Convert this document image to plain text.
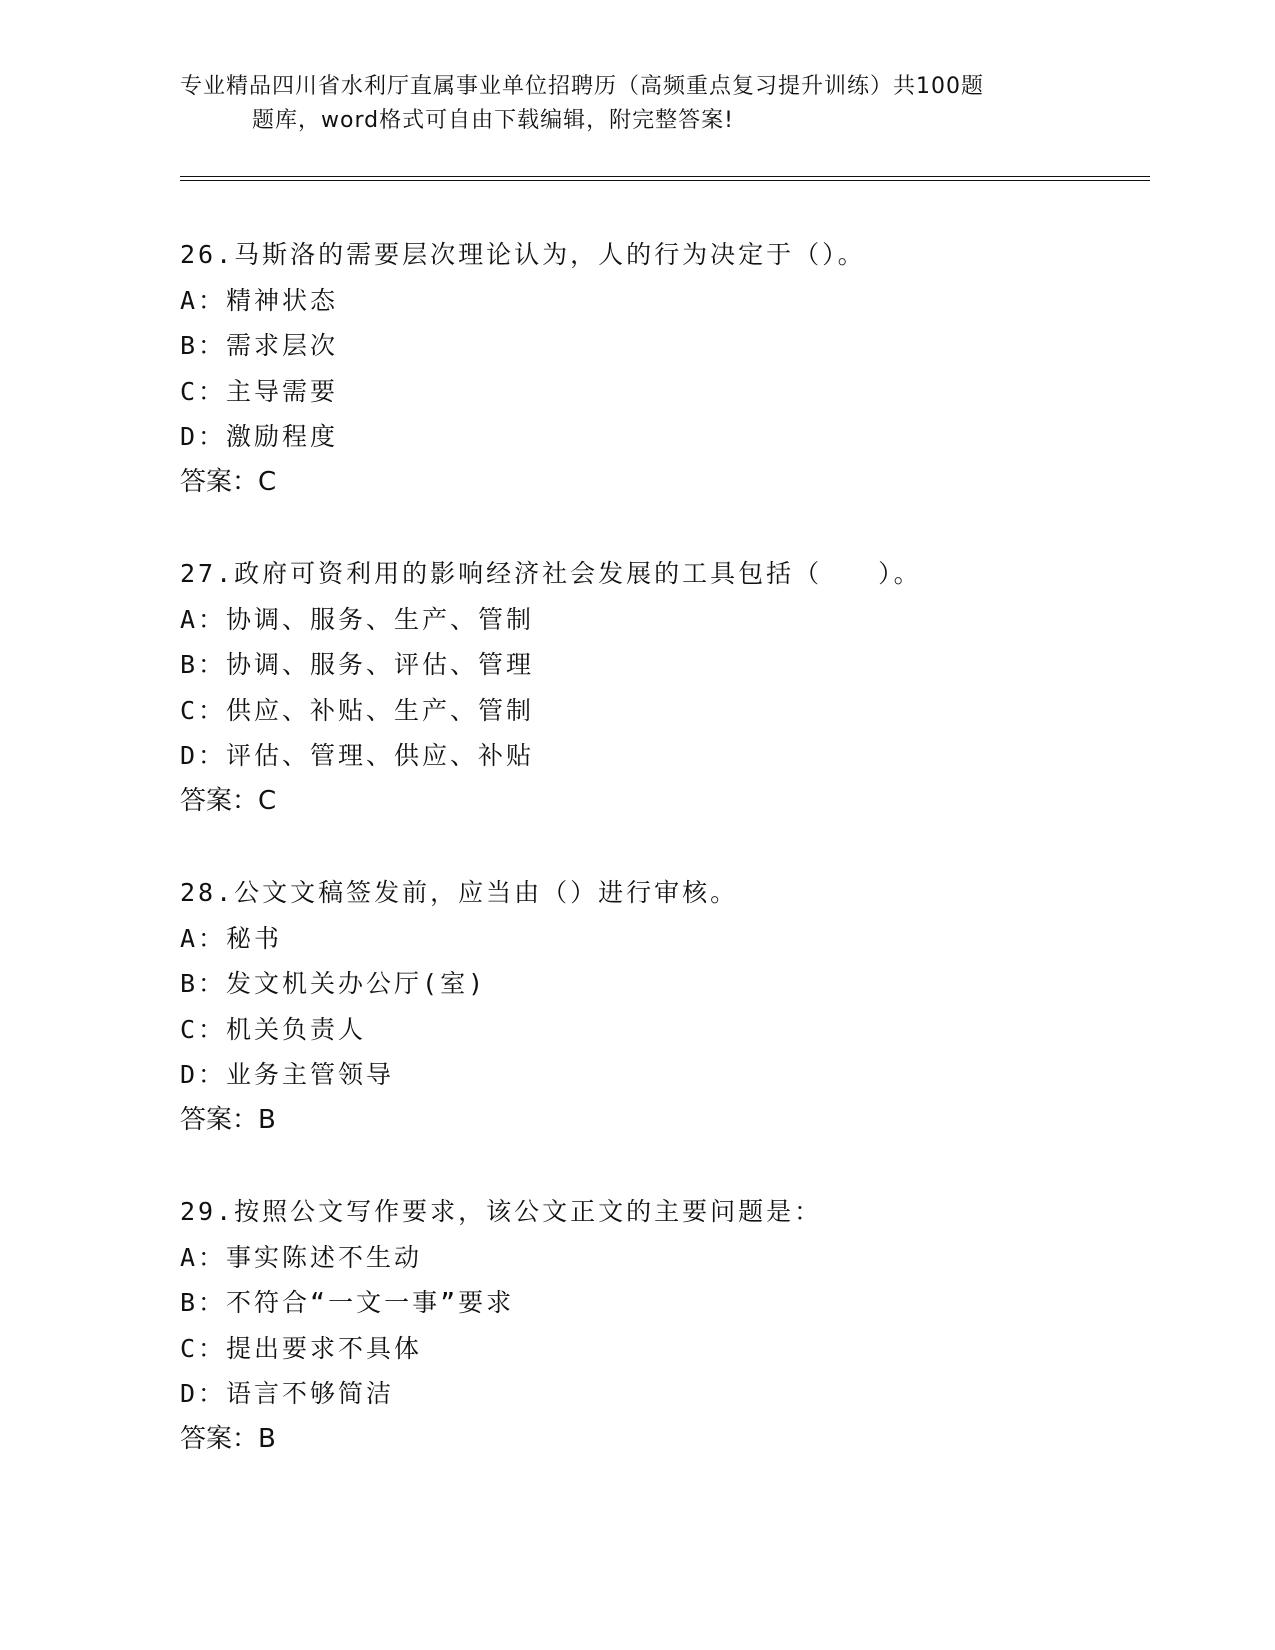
专业精品四川省水利厅直属事业单位招聘历（高频重点复习提升训练）共100题
题库，word格式可自由下载编辑，附完整答案!
26.马斯洛的需要层次理论认为，人的行为决定于（）。
A：精神状态
B：需求层次
C：主导需要
D：激励程度
答案：C
27.政府可资利用的影响经济社会发展的工具包括（　　）。
A：协调、服务、生产、管制
B：协调、服务、评估、管理
C：供应、补贴、生产、管制
D：评估、管理、供应、补贴
答案：C
28.公文文稿签发前，应当由（）进行审核。
A：秘书
B：发文机关办公厅(室)
C：机关负责人
D：业务主管领导
答案：B
29.按照公文写作要求，该公文正文的主要问题是：
A：事实陈述不生动
B：不符合“一文一事”要求
C：提出要求不具体
D：语言不够简洁
答案：B
